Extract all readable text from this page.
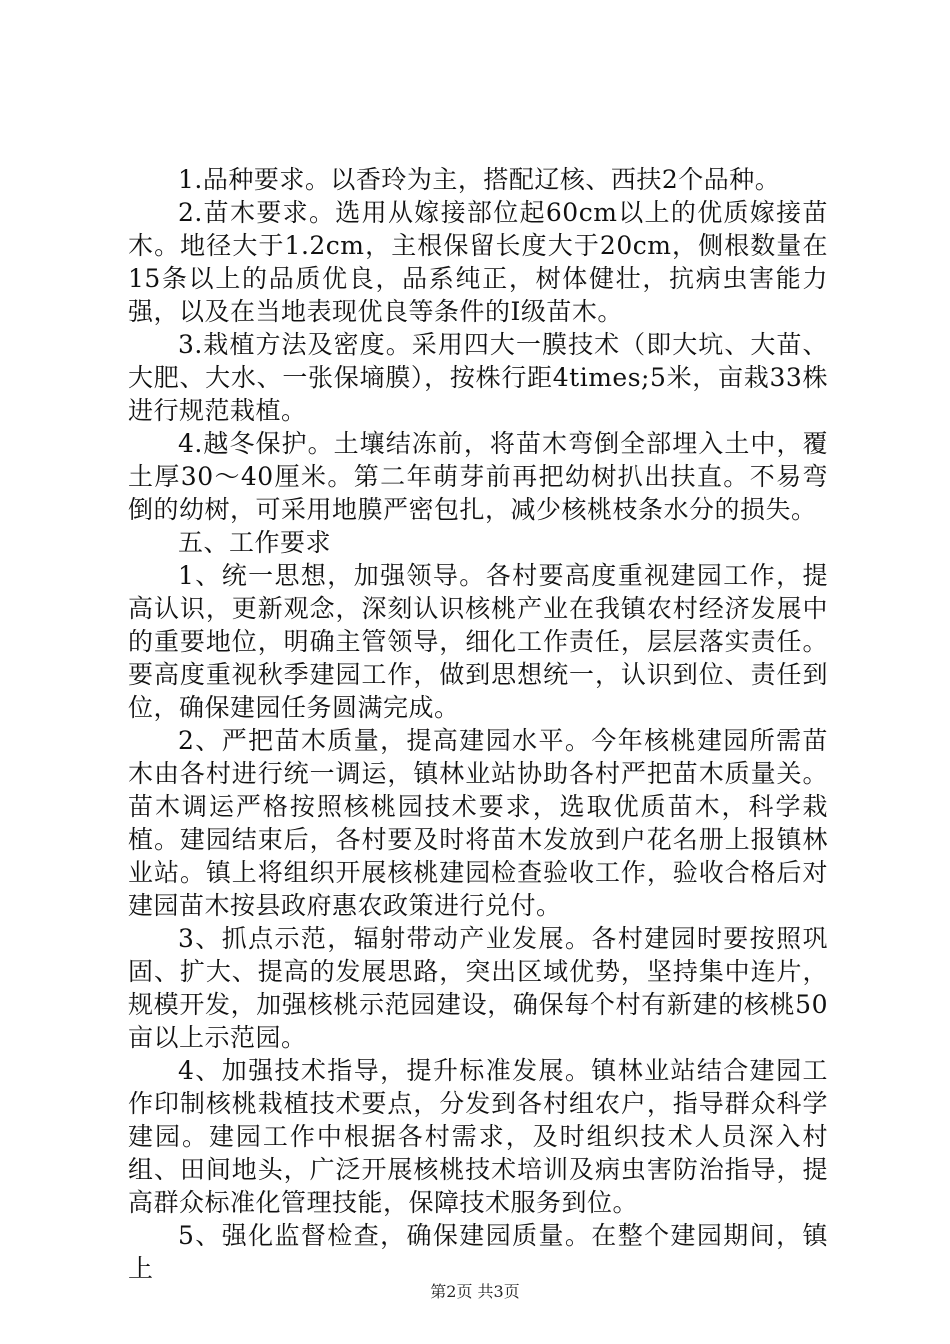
1.品种要求。以香玲为主，搭配辽核、西扶2个品种。

2.苗木要求。选用从嫁接部位起60cm以上的优质嫁接苗木。地径大于1.2cm，主根保留长度大于20cm，侧根数量在15条以上的品质优良，品系纯正，树体健壮，抗病虫害能力强，以及在当地表现优良等条件的Ⅰ级苗木。

3.栽植方法及密度。采用四大一膜技术（即大坑、大苗、大肥、大水、一张保墒膜），按株行距4times;5米，亩栽33株进行规范栽植。

4.越冬保护。土壤结冻前，将苗木弯倒全部埋入土中，覆土厚30～40厘米。第二年萌芽前再把幼树扒出扶直。不易弯倒的幼树，可采用地膜严密包扎，减少核桃枝条水分的损失。

五、工作要求

1、统一思想，加强领导。各村要高度重视建园工作，提高认识，更新观念，深刻认识核桃产业在我镇农村经济发展中的重要地位，明确主管领导，细化工作责任，层层落实责任。要高度重视秋季建园工作，做到思想统一，认识到位、责任到位，确保建园任务圆满完成。

2、严把苗木质量，提高建园水平。今年核桃建园所需苗木由各村进行统一调运，镇林业站协助各村严把苗木质量关。苗木调运严格按照核桃园技术要求，选取优质苗木，科学栽植。建园结束后，各村要及时将苗木发放到户花名册上报镇林业站。镇上将组织开展核桃建园检查验收工作，验收合格后对建园苗木按县政府惠农政策进行兑付。

3、抓点示范，辐射带动产业发展。各村建园时要按照巩固、扩大、提高的发展思路，突出区域优势，坚持集中连片，规模开发，加强核桃示范园建设，确保每个村有新建的核桃50亩以上示范园。

4、加强技术指导，提升标准发展。镇林业站结合建园工作印制核桃栽植技术要点，分发到各村组农户，指导群众科学建园。建园工作中根据各村需求，及时组织技术人员深入村组、田间地头，广泛开展核桃技术培训及病虫害防治指导，提高群众标准化管理技能，保障技术服务到位。

5、强化监督检查，确保建园质量。在整个建园期间，镇上

第2页 共3页
